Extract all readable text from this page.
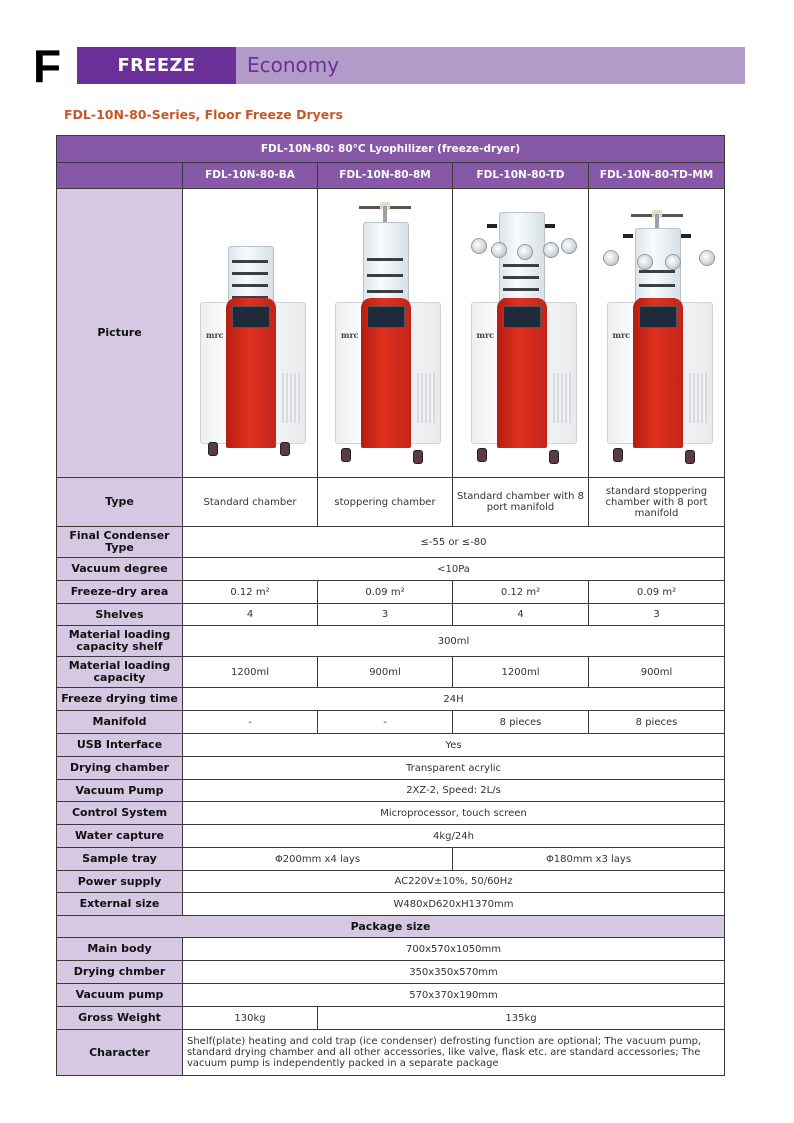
F	FREEZE DRYERS
Economy
FDL-10N-80-Series, Floor Freeze Dryers
FDL-10N-80: 80°C Lyophilizer (freeze-dryer)				
	FDL-10N-80-BA	FDL-10N-80-8M	FDL-10N-80-TD	FDL-10N-80-TD-MM
Picture	mrc	mrc	mrc	mrc

Type	Standard chamber	stoppering chamber	Standard chamber with 8 port manifold	standard stoppering chamber with 8 port manifold
Final Condenser Type	≤-55 or ≤-80			
Vacuum degree	<10Pa			
Freeze-dry area	0.12 m²	0.09 m²	0.12 m²	0.09 m²
Shelves	4	3	4	3
Material loading capacity shelf	300ml			
Material loading capacity	1200ml	900ml	1200ml	900ml
Freeze drying time	24H			
Manifold	-	-	8 pieces	8 pieces
USB Interface	Yes			
Drying chamber	Transparent acrylic			
Vacuum Pump	2XZ-2, Speed: 2L/s			
Control System	Microprocessor, touch screen			
Water capture	4kg/24h			
Sample tray	Φ200mm x4 lays		Φ180mm x3 lays	
Power supply	AC220V±10%, 50/60Hz			
External size	W480xD620xH1370mm			
Package size				
Main body	700x570x1050mm			
Drying chmber	350x350x570mm			
Vacuum pump	570x370x190mm			
Gross Weight	130kg	135kg		
Character	Shelf(plate) heating and cold trap (ice condenser) defrosting function are optional; The vacuum pump, standard drying chamber and all other accessories, like valve, flask etc. are standard accessories; The vacuum pump is independently packed in a separate package			
